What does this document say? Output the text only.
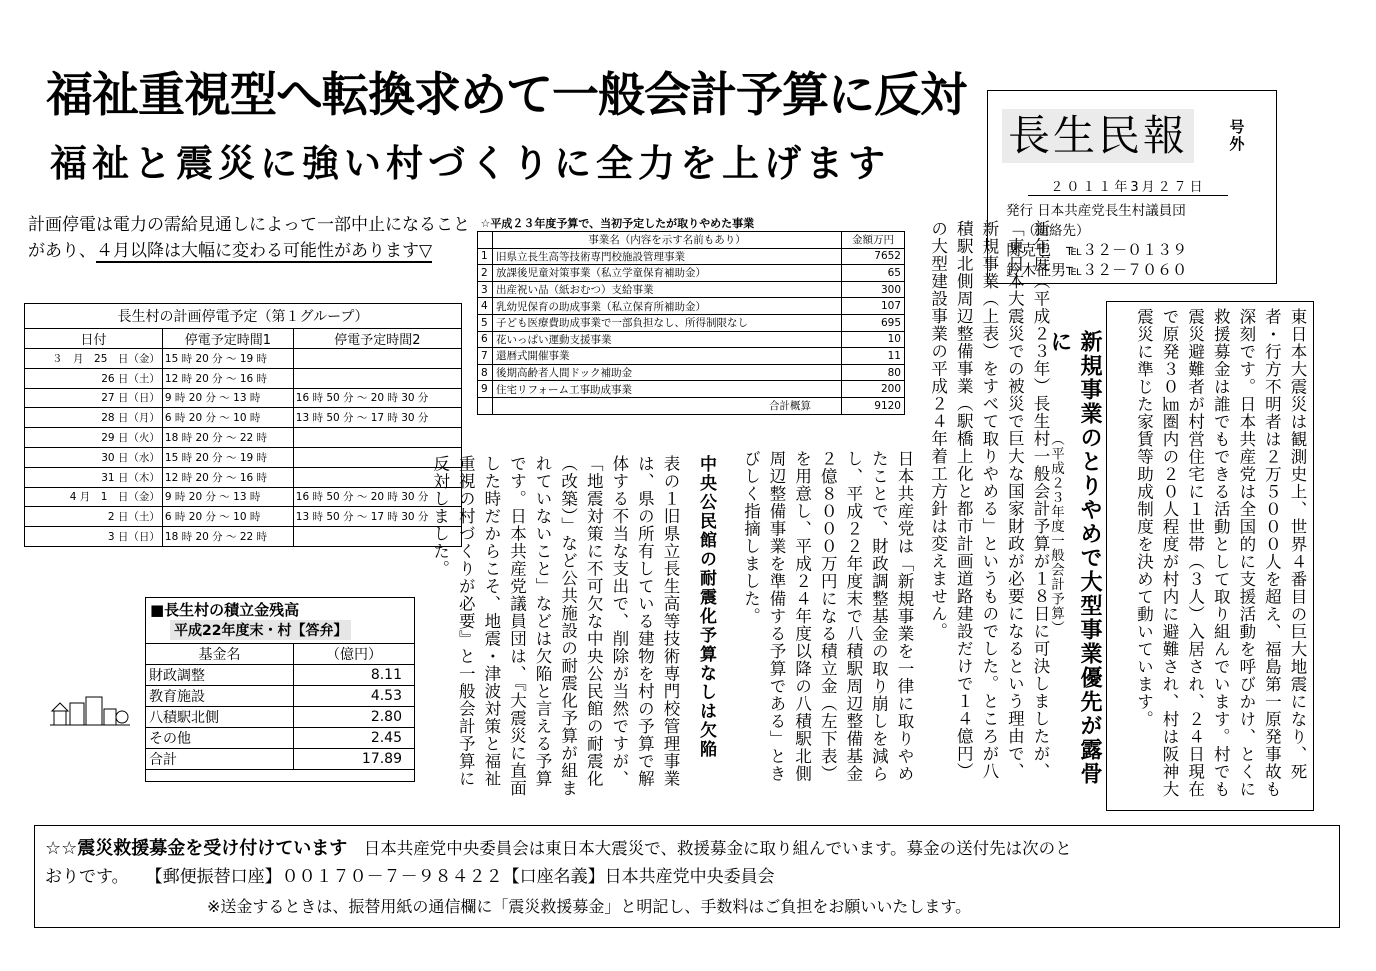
福祉重視型へ転換求めて一般会計予算に反対
福祉と震災に強い村づくりに全力を上げます
長生民報	号外
２０１１年3月２７日
発行 日本共産党長生村議員団
（連絡先）
関克也　℡３２－０１３９
鈴木征男℡３２－７０６０
計画停電は電力の需給見通しによって一部中止になることがあり、４月以降は大幅に変わる可能性があります▽
長生村の計画停電予定（第１グループ）		
日付	停電予定時間1	停電予定時間2
３　月　25　日（金）	15 時 20 分 〜 19 時	
26 日（土）	12 時 20 分 〜 16 時	
27 日（日）	9 時 20 分 〜 13 時	16 時 50 分 〜 20 時 30 分
28 日（月）	6 時 20 分 〜 10 時	13 時 50 分 〜 17 時 30 分
29 日（火）	18 時 20 分 〜 22 時	
30 日（水）	15 時 20 分 〜 19 時	
31 日（木）	12 時 20 分 〜 16 時	
4 月　1　日（金）	9 時 20 分 〜 13 時	16 時 50 分 〜 20 時 30 分
2 日（土）	6 時 20 分 〜 10 時	13 時 50 分 〜 17 時 30 分
3 日（日）	18 時 20 分 〜 22 時	
☆平成２３年度予算で、当初予定したが取りやめた事業		
	事業名（内容を示す名前もあり）	金額万円
1	旧県立長生高等技術専門校施設管理事業	7652
2	放課後児童対策事業（私立学童保育補助金）	65
3	出産祝い品（紙おむつ）支給事業	300
4	乳幼児保育の助成事業（私立保育所補助金）	107
5	子ども医療費助成事業で一部負担なし、所得制限なし	695
6	花いっぱい運動支援事業	10
7	還暦式開催事業	11
8	後期高齢者人間ドック補助金	80
9	住宅リフォーム工事助成事業	200
	合計概算	9120
■長生村の積立金残高
平成22年度末・村【答弁】
基金名	（億円）
財政調整	8.11
教育施設	4.53
八積駅北側	2.80
その他	2.45
合計	17.89	新規事業のとりやめで大型事業優先が露骨に
（平成２３年度一般会計予算）	東日本大震災は観測史上、世界４番目の巨大地震になり、死者・行方不明者は２万５０００人を超え、福島第一原発事故も深刻です。日本共産党は全国的に支援活動を呼びかけ、とくに救援募金は誰でもできる活動として取り組んでいます。村でも震災避難者が村営住宅に１世帯（３人）入居され、２４日現在で原発３０㎞圏内の２０人程度が村内に避難され、村は阪神大震災に準じた家賃等助成制度を決めて動いています。
新年度（平成２３年）長生村一般会計予算が１８日に可決しましたが、「東日本大震災での被災で巨大な国家財政が必要になるという理由で、新規事業（上表）をすべて取りやめる」というものでした。ところが八積駅北側周辺整備事業（駅橋上化と都市計画道路建設だけで１４億円）の大型建設事業の平成２４年着工方針は変えません。
日本共産党は「新規事業を一律に取りやめたことで、財政調整基金の取り崩しを減らし、平成２２年度末で八積駅周辺整備基金２億８０００万円になる積立金（左下表）を用意し、平成２４年度以降の八積駅北側周辺整備事業を準備する予算である」ときびしく指摘しました。
中央公民館の耐震化予算なしは欠陥
表の１旧県立長生高等技術専門校管理事業は、県の所有している建物を村の予算で解体する不当な支出で、削除が当然ですが、「地震対策に不可欠な中央公民館の耐震化（改築）」など公共施設の耐震化予算が組まれていないこと」などは欠陥と言える予算です。日本共産党議員団は、『大震災に直面した時だからこそ、地震・津波対策と福祉重視の村づくりが必要』と一般会計予算に反対しました。
☆☆震災救援募金を受け付けています　 日本共産党中央委員会は東日本大震災で、救援募金に取り組んでいます。募金の送付先は次のと
おりです。　　 【郵便振替口座】００１７０－７－９８４２２【口座名義】日本共産党中央委員会
※送金するときは、振替用紙の通信欄に「震災救援募金」と明記し、手数料はご負担をお願いいたします。
